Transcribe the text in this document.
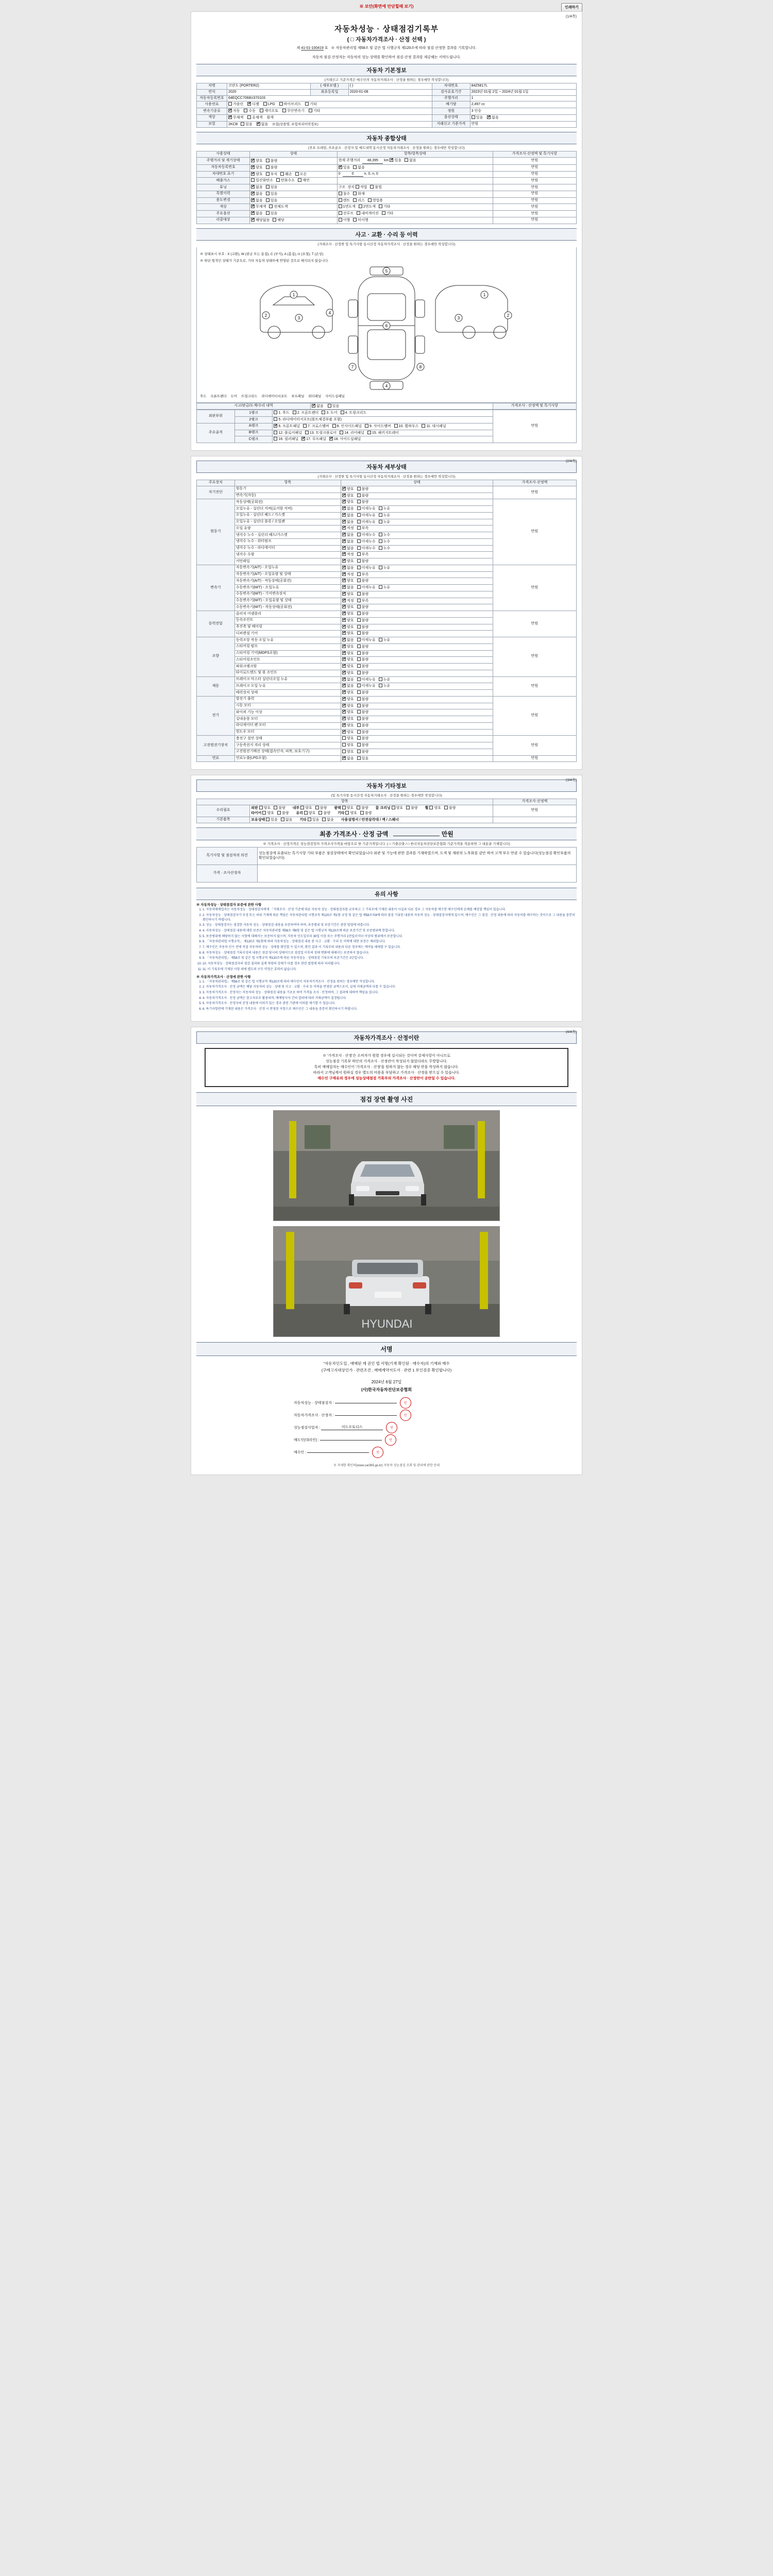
※ 보안(화면에 안닫힐때 보기)	인쇄하기
(1/4쪽)
자동차성능 · 상태점검기록부
( □ 자동차가격조사 · 산정 선택 )
제 41-01-100419 호 ※ 자동차관리법 제58조 및 같은 법 시행규칙 제120조에 따라 점검·산정한 결과를 기록합니다.
자동차 점검·산정자는 자동차의 성능·상태를 확인하여 점검·산정 결과를 제공해는 서약드립니다.
자동차 기본정보
(거래신고 기준가격은 매수인의 자동차거래조사 · 산정을 원하는 경우에만 작성합니다)
차명	코란도 (PORTER2)	( 세부모델 )	( )	차대번호	84Z5817L
연식	2020	최초등록일	2020-01-08	검사유효기간	2023년 01월 2일 ~ 2024년 01월 1일
자동차등록번호	64EQCC7068U370103			주행거리	1
사용연료	가솔린 ✔ 디젤 LPG 하이브리드 기타			배기량	2,497 cc
변속기종류	✔자동 수동 세미오토 무단변속기 기타			정원	3 인승
색상	✔무채색 유채색 흰색			옵션상태	있음 ✔ 없음
보험	2KCB 있음 ✔ 없음 보험(상품명, 보험처리이력정보)			거래신고 기준가격	만원
자동차 종합상태
(주요 프레임, 주요골조 · 산정자 및 매도내역 동시산정 자동차거래조사 · 산정을 원하는 경우에만 작성합니다)
사용상태	상태	항목/항목상태	가격조사·산정액 및 특기사항
주행거리 및 계기상태	✔양호 불량	현재 주행거리 48,395 km ✔ 있음 없음	만원
자동차등록번호	✔양호 불량	✔있음 없음	만원
차대번호 표기	✔양호 부식 훼손 오손	0 0 n, 0, n, 0	만원
배출가스	일산화탄소 탄화수소 매연		만원
튜닝	✔없음 있음	구조 장치 적법 불법	만원
특별이력	✔없음 있음	침수 화재	만원
용도변경	✔없음 있음	렌트 리스 영업용	만원
색상	✔무채색 전체도색	1면도색 2면도색 기타	만원
주요옵션	✔없음 있음	선루프 내비게이션 기타	만원
리콜대상	✔해당없음 해당	이행 미이행	만원
사고 · 교환 · 수리 등 이력
(거래조사 · 산정한 및 특기사항 동시산정 자동차가격조사 · 산정을 원하는 경우에만 작성합니다)
※ 상태표시 부호 : X (교환), W (판금 또는 용접), C (부식), A (흠집), U (요철), T (손상)
※ 하단 법적인 상태가 기준으로, 기타 자동차 상태부에 반영된 것으로 해석되지 않습니다.
1
2
3
4
5
6
7	8
1
3
2
4
후드 프론트펜더 도어 트렁크리드 라디에이터서포트 루프패널 쿼터패널 사이드실패널
시고/판금/도색/수리 내역	✔없음 있음	가격조사 · 산정액 및 특기사항
외판부위	1랭크	1. 후드 2. 프론트펜더 3. 도어 4. 트렁크리드	만원
	2랭크	5. 라디에이터서포트(볼트체결부품 포함)	
주요골격	A랭크	✔6. 프론트패널 7. 크로스멤버 8. 인사이드패널 9. 사이드멤버 10. 휠하우스 11. 대시패널
	B랭크	12. 플로어패널 13. 트렁크플로어 14. 리어패널 15. 패키지트레이	
	C랭크	16. 필러패널 ✔ 17. 루프패널 ✔ 18. 사이드실패널
(2/4쪽)
자동차 세부상태
(거래조사 · 산정한 및 특기사항 동시산정 자동차거래조사 · 산정을 원하는 경우에만 작성합니다)
주요장치	항목	상태	가격조사·산정액
자기진단	원동기	✔양호 불량	만원
	변속기(자동)	✔양호 불량
원동기	작동상태(공회전)	✔양호 불량	만원
	오일누유 - 실린더 커버(로커암 커버)	✔없음 미세누유 누유
	오일누유 - 실린더 헤드 / 가스켓	✔없음 미세누유 누유
	오일누유 - 실린더 블록 / 오일팬	✔없음 미세누유 누유
	오일 유량	✔적정 부족
	냉각수 누수 - 실린더 헤드/가스켓	✔없음 미세누수 누수
	냉각수 누수 - 워터펌프	✔없음 미세누수 누수
	냉각수 누수 - 라디에이터	✔없음 미세누수 누수
	냉각수 수량	✔적정 부족
	커먼레일	✔양호 불량
변속기	자동변속기(A/T) - 오일누유	✔없음 미세누유 누유	만원
	자동변속기(A/T) - 오일유량 및 상태	✔적정 부족
	자동변속기(A/T) - 작동상태(공회전)	✔양호 불량
	수동변속기(M/T) - 오일누유	✔없음 미세누유 누유
	수동변속기(M/T) - 기어변속장치	✔양호 불량
	수동변속기(M/T) - 오일유량 및 상태	✔적정 부족
	수동변속기(M/T) - 작동상태(공회전)	✔양호 불량
동력전달	클러치 어셈블리	✔양호 불량	만원
	등속조인트	✔양호 불량
	추진축 및 베어링	✔양호 불량
	디퍼렌셜 기어	✔양호 불량
조향	동력조항 작동 오일 누유	✔없음 미세누유 누유	만원
	스티어링 펌프	✔양호 불량
	스티어링 기어(MDPS포함)	✔양호 불량
	스티어링조인트	✔양호 불량
	파워크랭크암	✔양호 불량
	타이로드엔드 및 볼 조인트	✔양호 불량
제동	브레이크 마스터 실린더오일 누유	✔없음 미세누유 누유	만원
	브레이크 오일 누유	✔없음 미세누유 누유
	배력장치 상태	✔양호 불량
전기	발전기 출력	✔양호 불량	만원
	시동 모터	✔양호 불량
	와이퍼 기능 이상	✔양호 불량
	실내송풍 모터	✔양호 불량
	라디에이터 팬 모터	✔양호 불량
	윈도우 모터	✔양호 불량
고전원전기장치	충전구 절연 상태	양호 불량	만원
	구동축전지 격리 상태	양호 불량	
	고전원전기배선 상태(접속단자, 피복, 보호기구)	양호 불량	
연료	연료누출(LPG포함)	✔없음 있음	만원
(3/4쪽)
자동차 기타정보
(및 특기사항 동시산정 자동차거래조사 · 산정을 원하는 경우에만 작성합니다)
항목		가격조사·산정액
수리필요	외판 양호 불량 내부 양호 불량 광택 양호 불량 룸 크리닝 양호 불량 휠 양호 불량 타이어 양호 불량 유리 양호 불량 기타 양호 불량	만원
기본품목	보유상태 있음 없음 기타 있음 없음 사용설명서 / 안전삼각대 / 잭 / 스패너	
최종 가격조사 · 산정 금액	만원
※ 가격조사 · 산정가격은 성능점검장의 가격조사가격을 바탕으로 한 기준가격입니다. ( □ 기출산출 / □ 한국자동차진단보증협회 기준가격을 적용하면 그 내용을 기재합니다)
특기사항 및 점검자의 의견	성능점검에 표출되는 특기사항 기타 부품은 점검상태에서 확인되었습니다 외관 및 기능에 관한 결과를 기재하였으며, 도색 및 재판의 노후화를 감안 하여 고객 부수 만큼 수 있습니다(성능점검 확인부품의 확인되었습니다).
가격 · 조사산정자	
유의 사항
※ 자동차성능 · 상태점검자 보증에 관한 사항
1. 1. 자동차매매업자는 자동차성능 · 상태점검자에게 「거래조사 · 산정 기준에 따른 자동차 성능 · 상태점검자를 교부하고 그 기록부에 기재된 내용이 사실과 다른 경우 그 자동차를 매수한 매수인에게 손해를 배상할 책임이 있습니다.
2. 2. 자동차성능 · 상태점검자가 부정 또는 허위 기재에 따른 책임은 자동차관리법 시행규칙 제120조 제1항 규정 및 같은 법 제58조의4에 따라 점검 기록한 내용의 자동차 성능 · 상태점검자에게 있으며, 매수인은 그 점검 · 산정 내용에 따라 자동차를 매수하는 것이므로 그 내용을 충분히 확인하시기 바랍니다.
3. 3. 성능 · 상태점검자는 점검한 자동차 성능 · 상태점검 내용을 보증하여야 하며, 보증범위 및 보증기간은 관련 법령에 따릅니다.
4. 4. 자동차성능 · 상태점검 내용에 대한 보증은 자동차관리법 제58조 제6항 및 같은 법 시행규칙 제120조에 따른 보증기간 및 보증범위에 한합니다.
5. 5. 보증범위에 해당하지 않는 사항에 대해서는 보증하지 않으며, 자동차 인도일부터 30일 이상 또는 주행거리 2천킬로미터 이상의 범위에서 보증합니다.
6. 6. 「자동차관리법 시행규칙」 제120조 제1항에 따라 자동차성능 · 상태점검 내용 중 사고 · 교환 · 수리 등 이력에 대한 보증은 제외합니다.
7. 7. 매수인은 자동차 인수 전에 직접 자동차의 성능 · 상태를 확인할 수 있으며, 확인 결과 이 기록부의 내용과 다른 경우에는 계약을 해제할 수 있습니다.
8. 8. 자동차성능 · 상태점검 기록부상의 내용은 점검 당시의 상태이므로 점검일 이후의 상태 변화에 대해서는 보증하지 않습니다.
9. 9. 「자동차관리법」 제58조 및 같은 법 시행규칙 제120조에 따른 자동차성능 · 상태점검 기록부의 보존기간은 2년입니다.
10. 10. 자동차성능 · 상태점검자의 점검 결과와 실제 차량의 상태가 다를 경우 관련 법령에 따라 처리됩니다.
11. 11. 이 기록부에 기재된 사항 외에 별도의 구두 약정은 효력이 없습니다.
※ 자동차가격조사 · 산정에 관한 사항
1. 1. 「자동차관리법」 제58조 및 같은 법 시행규칙 제120조에 따라 매수인이 자동차가격조사 · 산정을 원하는 경우에만 작성합니다.
2. 2. 자동차가격조사 · 산정 금액은 해당 자동차의 성능 · 상태 및 사고 · 교환 · 수리 등 이력을 반영한 금액으로서, 실제 거래금액과 다를 수 있습니다.
3. 3. 자동차가격조사 · 산정자는 자동차의 성능 · 상태점검 내용을 기초로 하여 가격을 조사 · 산정하며, 그 결과에 대하여 책임을 집니다.
4. 4. 자동차가격조사 · 산정 금액은 참고자료로 활용되며, 매매당사자 간의 합의에 따라 거래금액이 결정됩니다.
5. 5. 자동차가격조사 · 산정자의 산정 내용에 이의가 있는 경우 관련 기관에 이의를 제기할 수 있습니다.
6. 6. 특기사항란에 기재된 내용은 가격조사 · 산정 시 반영된 사항으로 매수인은 그 내용을 충분히 확인하시기 바랍니다.
(4/4쪽)
자동차가격조사 · 산정이란
※ '가격조사 · 산정'은 소비자가 원할 경우에 실시되는 것이며 강제사항이 아니므로
성능점검 기록부 하단의 가격조사 · 산정란이 작성되지 않았더라도 무방합니다.
특히 매매업자는 매수인이 '가격조사 · 산정'을 원하지 않는 경우 해당 란을 작성하지 않습니다.
따라서 고객님께서 원하실 경우 별도의 비용을 부담하고 가격조사 · 산정을 받으실 수 있습니다.
매수인 구매유의 경우에 성능상태점검 기록부의 가격조사 · 산정란이 공란일 수 있습니다.
점검 장면 촬영 사진
HYUNDAI
서명
"자동차인도일 , 매매된 계 권인 법 서명(기재 확인된 · 매수자)의 기재와 매수
(구매고지대상인가 · 관련조건 , 매매계약서도서 · 관련 1 보인검증 확인합니다)
2024년 6월 27일
(사)한국자동차진단보증협회
자동차성능 · 상태점검자 :	인
자동차가격조사 · 산정자 :	인
성능점검사업자 :	미드오토디스	인
매도인(대리인) :	인
매수인 :	인
※ 자세한 확인의(www.car365.go.kr) 자동차 성능점검 조회 및 관리에 관한 안내
